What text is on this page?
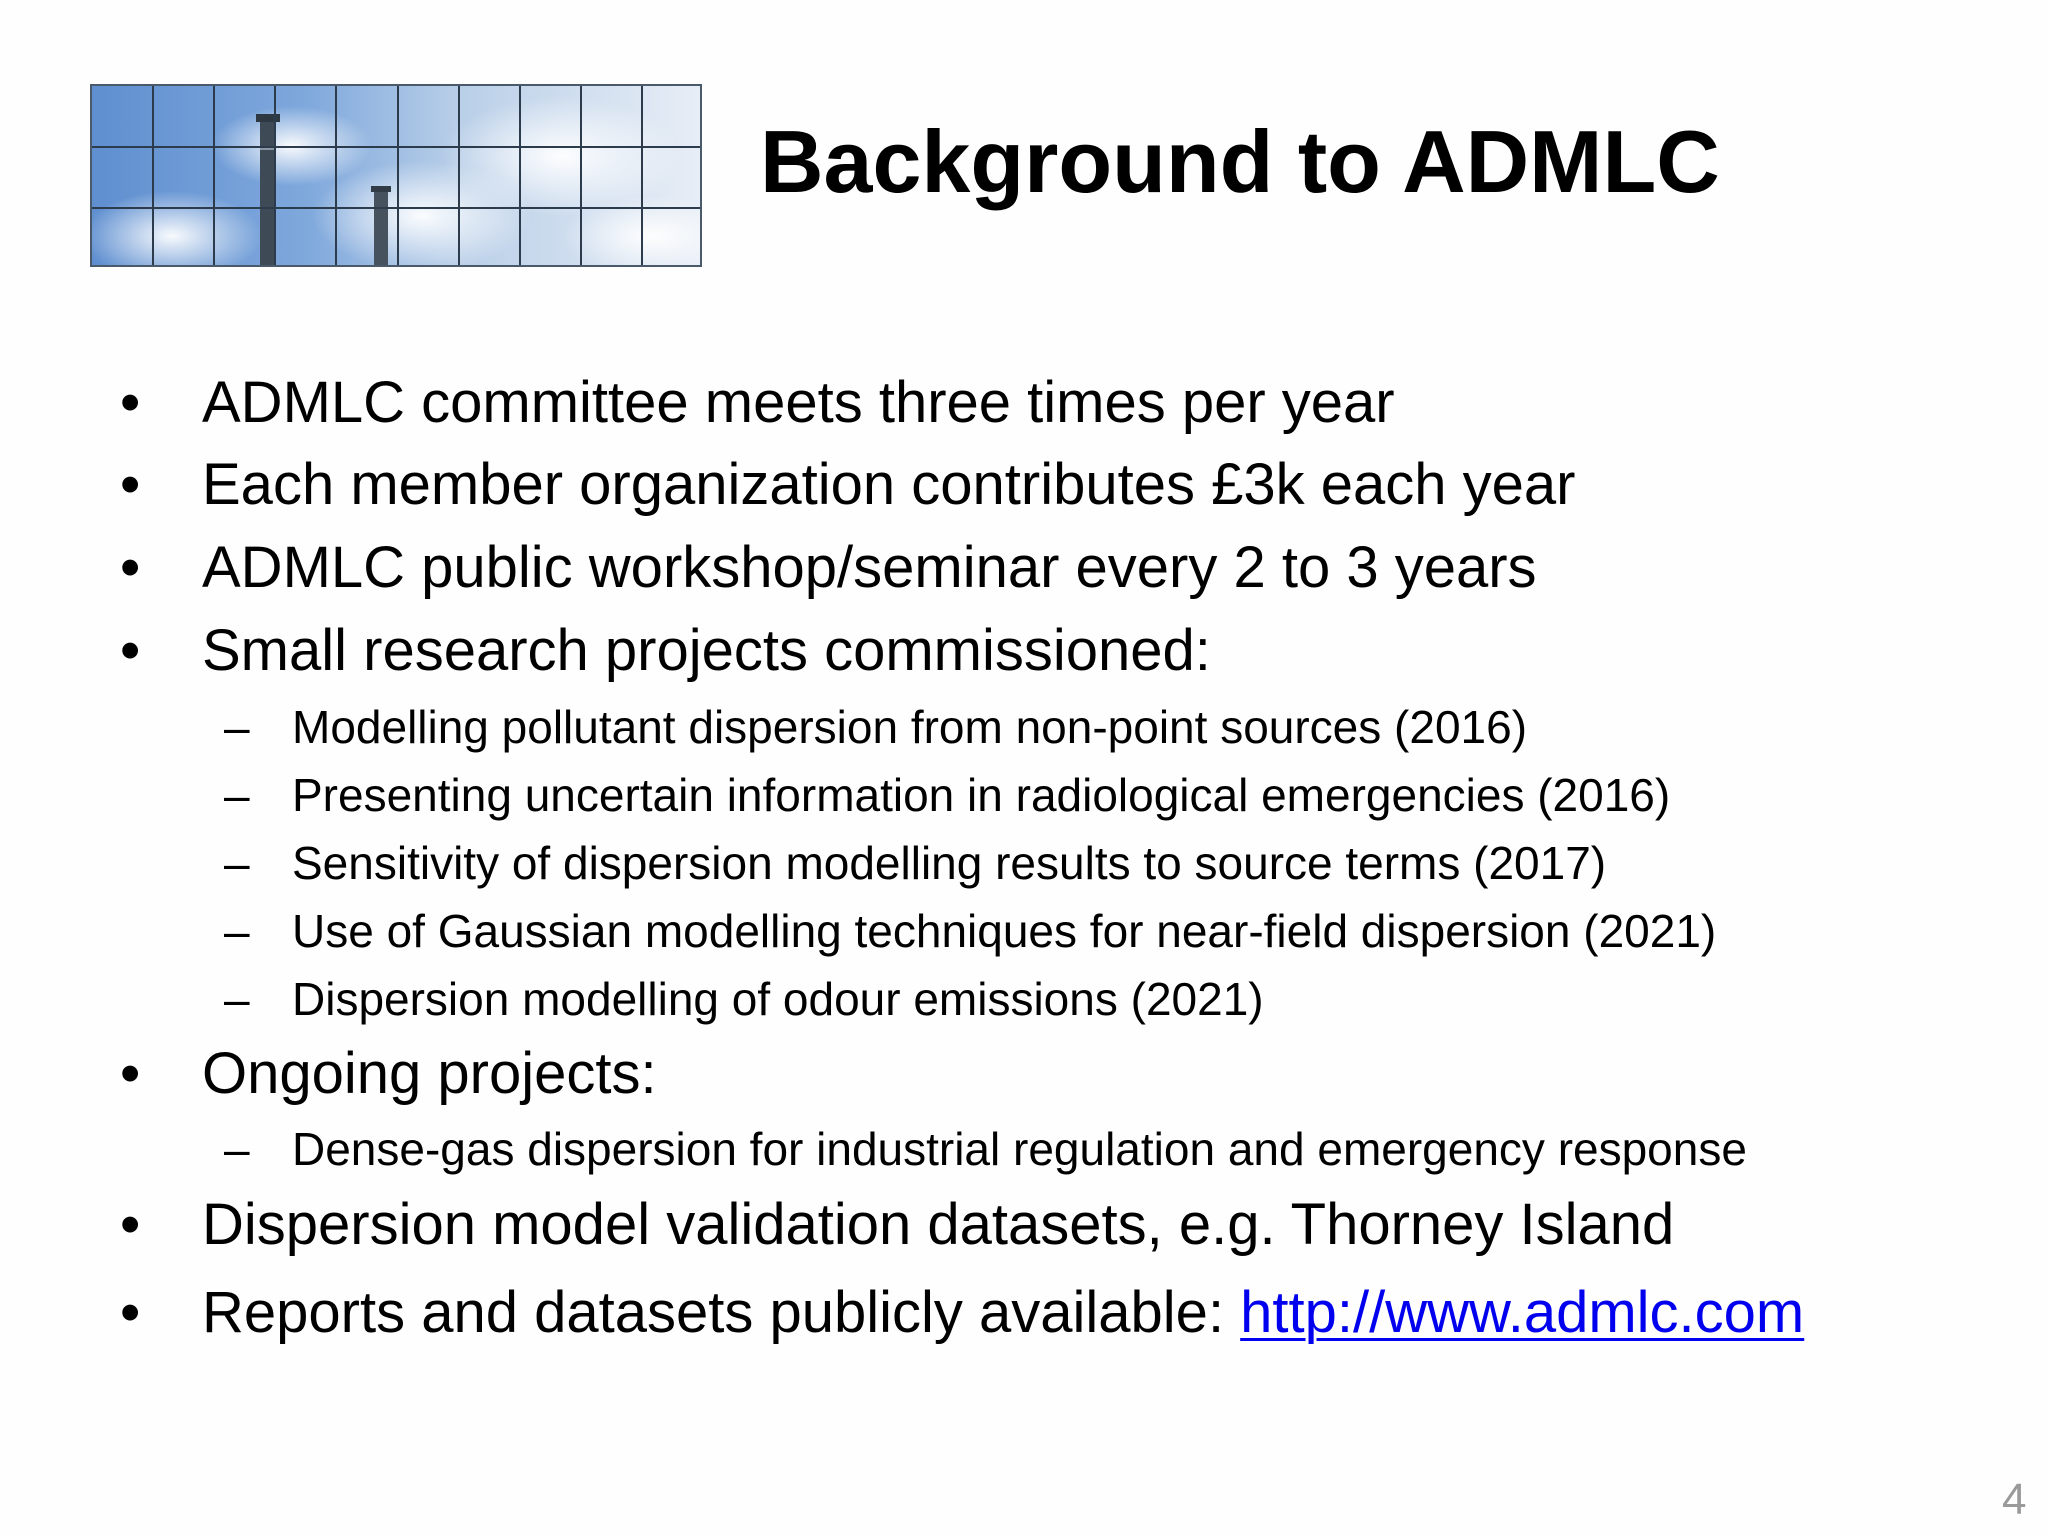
Background to ADMLC
• ADMLC committee meets three times per year
• Each member organization contributes £3k each year
• ADMLC public workshop/seminar every 2 to 3 years
• Small research projects commissioned:
– Modelling pollutant dispersion from non-point sources (2016)
– Presenting uncertain information in radiological emergencies (2016)
– Sensitivity of dispersion modelling results to source terms (2017)
– Use of Gaussian modelling techniques for near-field dispersion (2021)
– Dispersion modelling of odour emissions (2021)
• Ongoing projects:
– Dense-gas dispersion for industrial regulation and emergency response
• Dispersion model validation datasets, e.g. Thorney Island
• Reports and datasets publicly available: http://www.admlc.com
4
